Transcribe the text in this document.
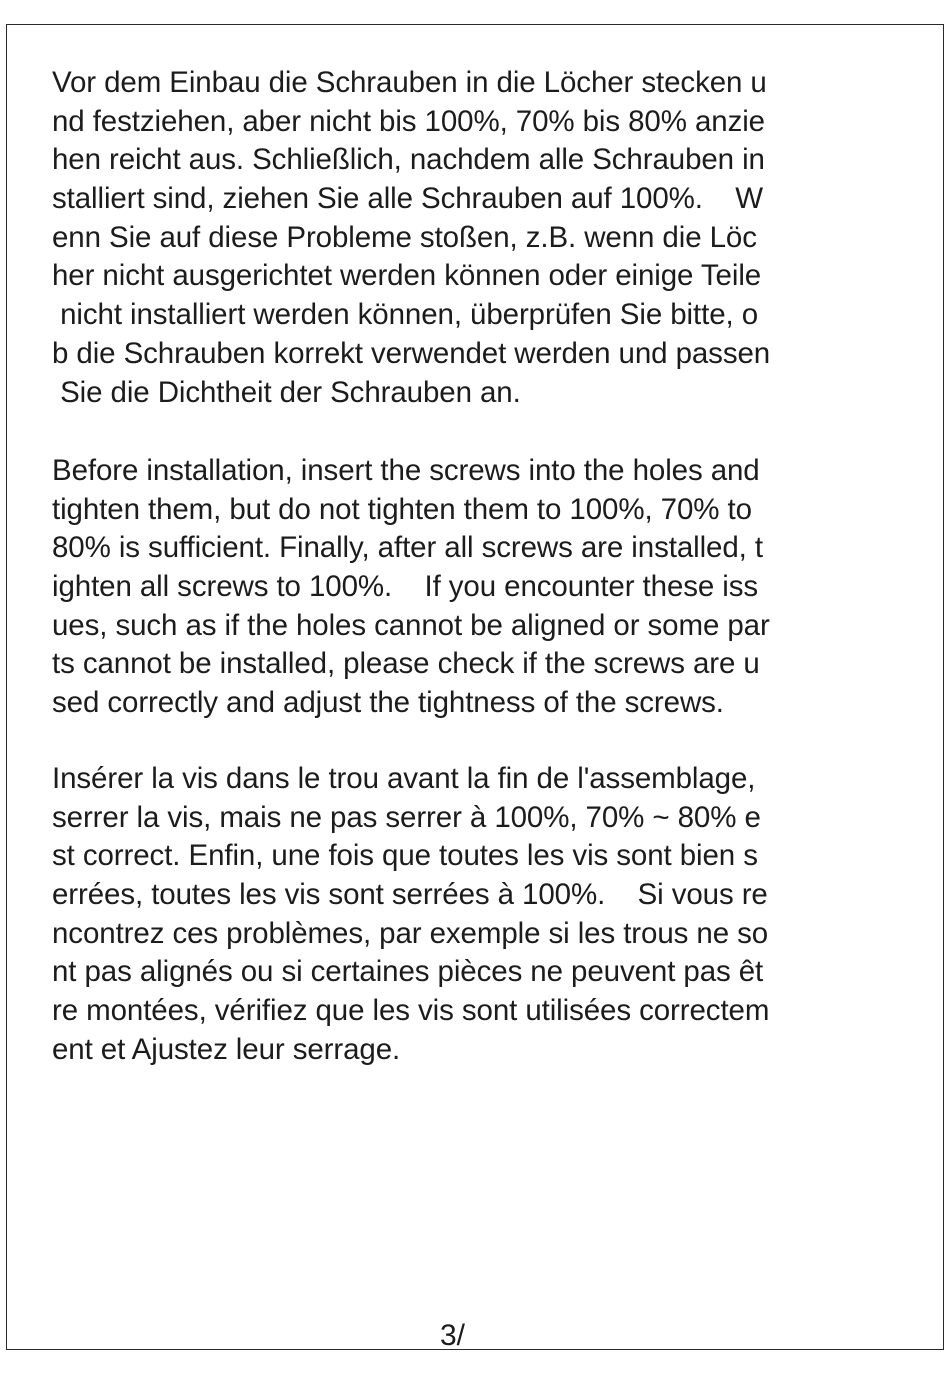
Vor dem Einbau die Schrauben in die Löcher stecken u
nd festziehen, aber nicht bis 100%, 70% bis 80% anzie
hen reicht aus. Schließlich, nachdem alle Schrauben in
stalliert sind, ziehen Sie alle Schrauben auf 100%.    W
enn Sie auf diese Probleme stoßen, z.B. wenn die Löc
her nicht ausgerichtet werden können oder einige Teile
nicht installiert werden können, überprüfen Sie bitte, o
b die Schrauben korrekt verwendet werden und passen
Sie die Dichtheit der Schrauben an.
Before installation, insert the screws into the holes and
tighten them, but do not tighten them to 100%, 70% to
80% is sufficient. Finally, after all screws are installed, t
ighten all screws to 100%.    If you encounter these iss
ues, such as if the holes cannot be aligned or some par
ts cannot be installed, please check if the screws are u
sed correctly and adjust the tightness of the screws.
Insérer la vis dans le trou avant la fin de l'assemblage,
serrer la vis, mais ne pas serrer à 100%, 70% ~ 80% e
st correct. Enfin, une fois que toutes les vis sont bien s
errées, toutes les vis sont serrées à 100%.    Si vous re
ncontrez ces problèmes, par exemple si les trous ne so
nt pas alignés ou si certaines pièces ne peuvent pas êt
re montées, vérifiez que les vis sont utilisées correctem
ent et Ajustez leur serrage.
3/
